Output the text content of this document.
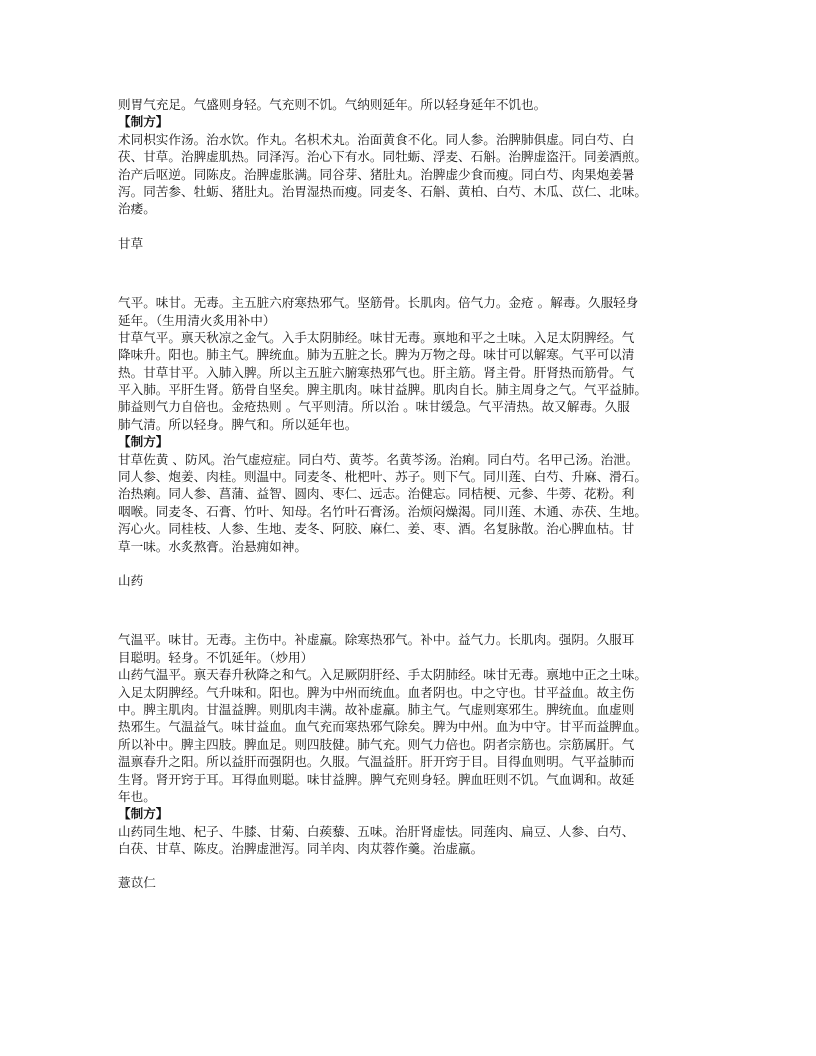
则胃气充足。气盛则身轻。气充则不饥。气纳则延年。所以轻身延年不饥也。
【制方】
术同枳实作汤。治水饮。作丸。名枳术丸。治面黄食不化。同人参。治脾肺俱虚。同白芍、白
茯、甘草。治脾虚肌热。同泽泻。治心下有水。同牡蛎、浮麦、石斛。治脾虚盗汗。同姜酒煎。
治产后呕逆。同陈皮。治脾虚胀满。同谷芽、猪肚丸。治脾虚少食而瘦。同白芍、肉果炮姜暑
泻。同苦参、牡蛎、猪肚丸。治胃湿热而瘦。同麦冬、石斛、黄柏、白芍、木瓜、苡仁、北味。
治痿。
甘草
气平。味甘。无毒。主五脏六府寒热邪气。坚筋骨。长肌肉。倍气力。金疮 。解毒。久服轻身
延年。（生用清火炙用补中）
甘草气平。禀天秋凉之金气。入手太阴肺经。味甘无毒。禀地和平之土味。入足太阴脾经。气
降味升。阳也。肺主气。脾统血。肺为五脏之长。脾为万物之母。味甘可以解寒。气平可以清
热。甘草甘平。入肺入脾。所以主五脏六腑寒热邪气也。肝主筋。肾主骨。肝肾热而筋骨。气
平入肺。平肝生肾。筋骨自坚矣。脾主肌肉。味甘益脾。肌肉自长。肺主周身之气。气平益肺。
肺益则气力自倍也。金疮热则 。气平则清。所以治 。味甘缓急。气平清热。故又解毒。久服
肺气清。所以轻身。脾气和。所以延年也。
【制方】
甘草佐黄 、防风。治气虚痘症。同白芍、黄芩。名黄芩汤。治痢。同白芍。名甲己汤。治泄。
同人参、炮姜、肉桂。则温中。同麦冬、枇杷叶、苏子。则下气。同川莲、白芍、升麻、滑石。
治热痢。同人参、菖蒲、益智、圆肉、枣仁、远志。治健忘。同桔梗、元参、牛蒡、花粉。利
咽喉。同麦冬、石膏、竹叶、知母。名竹叶石膏汤。治烦闷燥渴。同川莲、木通、赤茯、生地。
泻心火。同桂枝、人参、生地、麦冬、阿胶、麻仁、姜、枣、酒。名复脉散。治心脾血枯。甘
草一味。水炙熬膏。治悬痈如神。
山药
气温平。味甘。无毒。主伤中。补虚羸。除寒热邪气。补中。益气力。长肌肉。强阴。久服耳
目聪明。轻身。不饥延年。（炒用）
山药气温平。禀天春升秋降之和气。入足厥阴肝经、手太阴肺经。味甘无毒。禀地中正之土味。
入足太阴脾经。气升味和。阳也。脾为中州而统血。血者阴也。中之守也。甘平益血。故主伤
中。脾主肌肉。甘温益脾。则肌肉丰满。故补虚羸。肺主气。气虚则寒邪生。脾统血。血虚则
热邪生。气温益气。味甘益血。血气充而寒热邪气除矣。脾为中州。血为中守。甘平而益脾血。
所以补中。脾主四肢。脾血足。则四肢健。肺气充。则气力倍也。阴者宗筋也。宗筋属肝。气
温禀春升之阳。所以益肝而强阴也。久服。气温益肝。肝开窍于目。目得血则明。气平益肺而
生肾。肾开窍于耳。耳得血则聪。味甘益脾。脾气充则身轻。脾血旺则不饥。气血调和。故延
年也。
【制方】
山药同生地、杞子、牛膝、甘菊、白蒺藜、五味。治肝肾虚怯。同莲肉、扁豆、人参、白芍、
白茯、甘草、陈皮。治脾虚泄泻。同羊肉、肉苁蓉作羹。治虚羸。
薏苡仁
